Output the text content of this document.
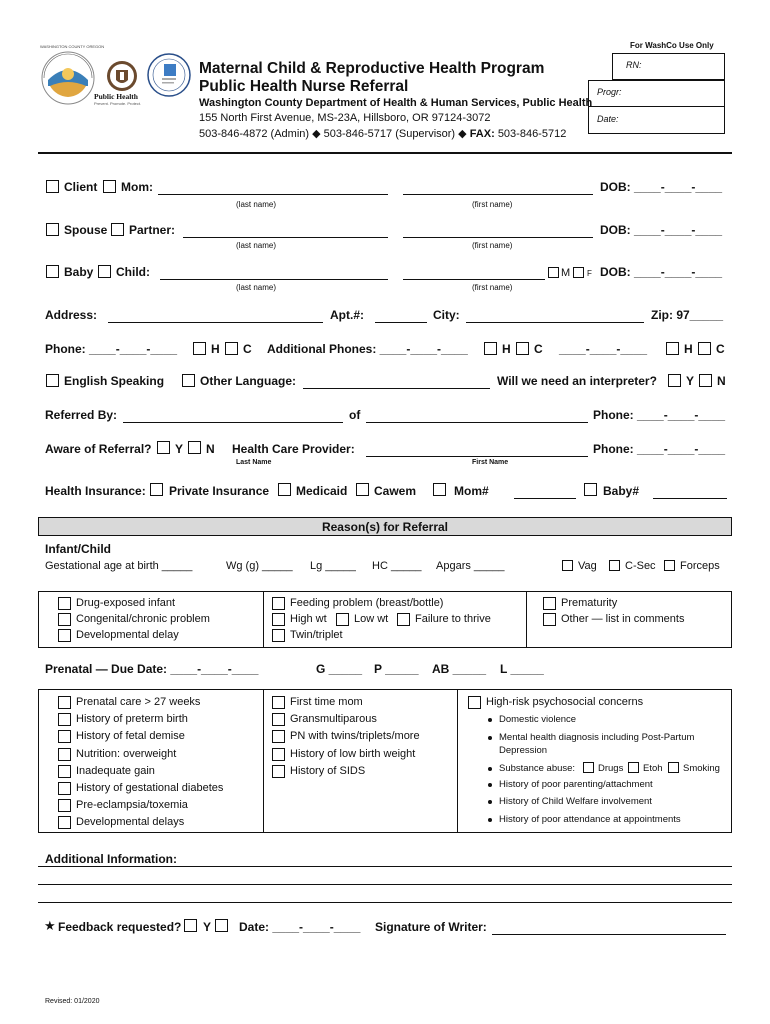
WASHINGTON COUNTY OREGON
Public Health
Prevent. Promote. Protect.
Maternal Child & Reproductive Health Program
Public Health Nurse Referral
Washington County Department of Health & Human Services, Public Health
155 North First Avenue, MS-23A, Hillsboro, OR 97124-3072
503-846-4872 (Admin) ◆ 503-846-5717 (Supervisor) ◆ FAX: 503-846-5712
For WashCo Use Only
RN:
Progr:
Date:
Client Mom:
(last name)	(first name)
DOB: ____-____-____
Spouse Partner:
(last name)	(first name)
DOB: ____-____-____
Baby Child:	M F
(last name)	(first name)
DOB: ____-____-____
Address:	Apt.#:	City:	Zip: 97_____
Phone: ____-____-____	H C Additional Phones: ____-____-____	H C ____-____-____	H C
English Speaking	Other Language:	Will we need an interpreter? Y N
Referred By:	of	Phone: ____-____-____
Aware of Referral? Y N Health Care Provider:
Last Name	First Name
Phone: ____-____-____
Health Insurance: Private Insurance Medicaid Cawem	Mom#	Baby#
Reason(s) for Referral
Infant/Child
Gestational age at birth _____	Wg (g) _____ Lg _____ HC _____ Apgars _____	Vag	C-Sec Forceps
Drug-exposed infant
Congenital/chronic problem
Developmental delay
Feeding problem (breast/bottle)
High wt Low wt Failure to thrive
Twin/triplet
Prematurity
Other — list in comments
Prenatal — Due Date: ____-____-____	G _____ P _____ AB _____ L _____
Prenatal care > 27 weeks
History of preterm birth
History of fetal demise
Nutrition: overweight
Inadequate gain
History of gestational diabetes
Pre-eclampsia/toxemia
Developmental delays
First time mom
Gransmultiparous
PN with twins/triplets/more
History of low birth weight
History of SIDS
High-risk psychosocial concerns
Domestic violence
Mental health diagnosis including Post-Partum
Depression
Substance abuse: Drugs Etoh Smoking
History of poor parenting/attachment
History of Child Welfare involvement
History of poor attendance at appointments
Additional Information:
★ Feedback requested? Y Date: ____-____-____ Signature of Writer:
Revised: 01/2020
